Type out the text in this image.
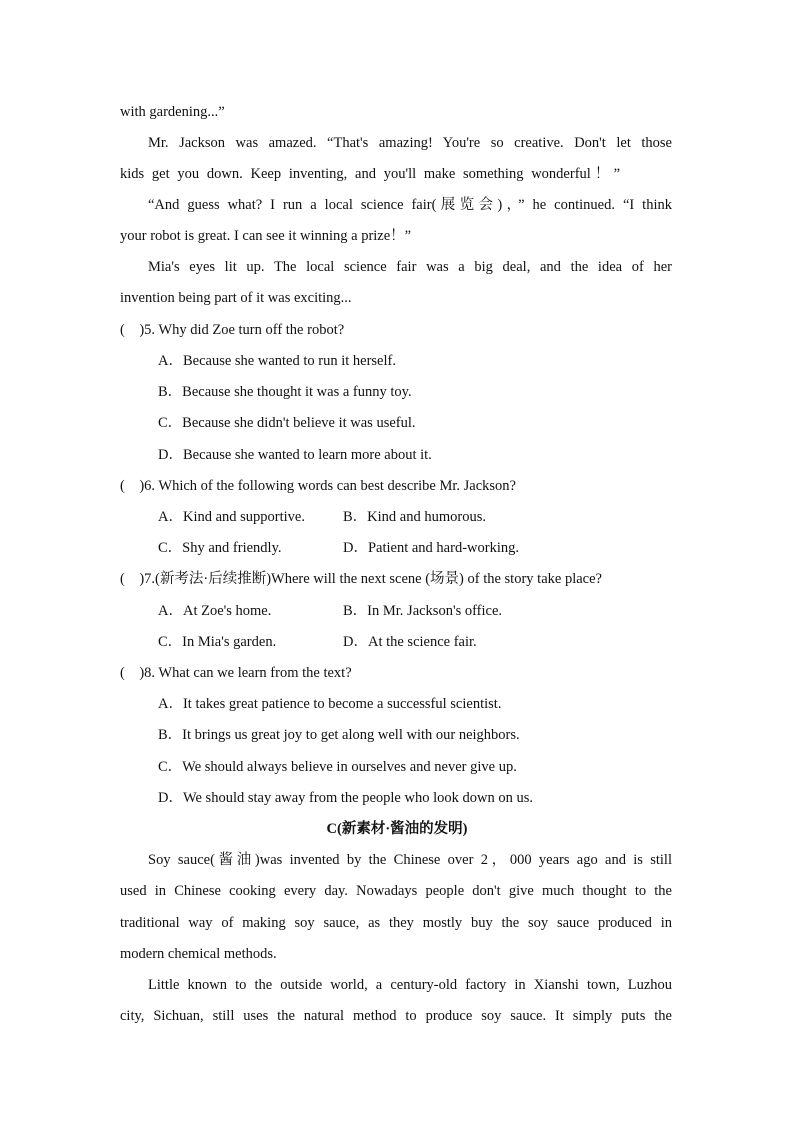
with gardening...”
Mr. Jackson was amazed. “That's amazing! You're so creative. Don't let those
kids get you down. Keep inventing, and you'll make something wonderful！”
“And guess what? I run a local science fair(展览会)，” he continued. “I think
your robot is great. I can see it winning a prize！”
Mia's eyes lit up. The local science fair was a big deal, and the idea of her
invention being part of it was exciting...
(　)5. Why did Zoe turn off the robot?
A．Because she wanted to run it herself.
B．Because she thought it was a funny toy.
C．Because she didn't believe it was useful.
D．Because she wanted to learn more about it.
(　)6. Which of the following words can best describe Mr. Jackson?
A．Kind and supportive.	B．Kind and humorous.
C．Shy and friendly.	D．Patient and hard-working.
(　)7.(新考法·后续推断)Where will the next scene (场景) of the story take place?
A．At Zoe's home.	B．In Mr. Jackson's office.
C．In Mia's garden.	D．At the science fair.
(　)8. What can we learn from the text?
A．It takes great patience to become a successful scientist.
B．It brings us great joy to get along well with our neighbors.
C．We should always believe in ourselves and never give up.
D．We should stay away from the people who look down on us.
C(新素材·酱油的发明)
Soy sauce(酱油)was invented by the Chinese over 2，000 years ago and is still
used in Chinese cooking every day. Nowadays people don't give much thought to the
traditional way of making soy sauce, as they mostly buy the soy sauce produced in
modern chemical methods.
Little known to the outside world, a century-old factory in Xianshi town, Luzhou
city, Sichuan, still uses the natural method to produce soy sauce. It simply puts the
